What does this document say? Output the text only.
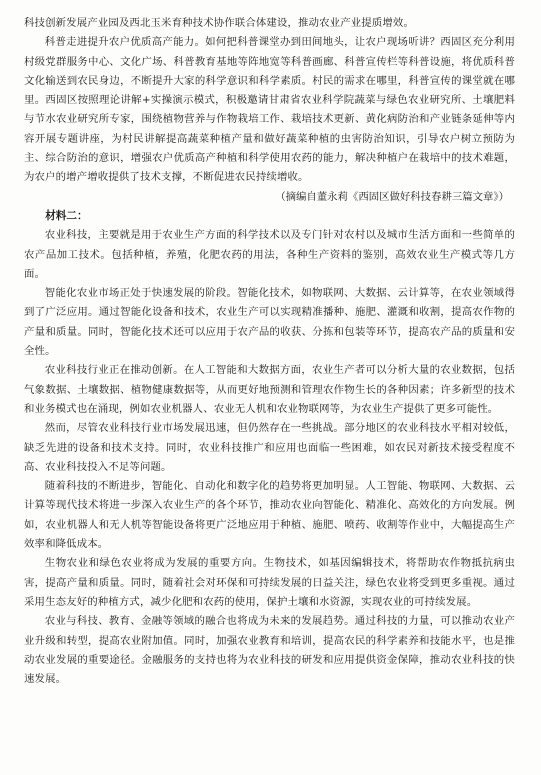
科技创新发展产业园及西北玉米育种技术协作联合体建设，推动农业产业提质增效。

科普走进提升农户优质高产能力。如何把科普课堂办到田间地头，让农户现场听讲？西固区充分利用村级党群服务中心、文化广场、科普教育基地等阵地宽等科普画廊、科普宣传栏等科普设施，将优质科普文化输送到农民身边，不断提升大家的科学意识和科学素质。村民的需求在哪里，科普宣传的课堂就在哪里。西固区按照理论讲解+实操演示模式，积极邀请甘肃省农业科学院蔬菜与绿色农业研究所、土壤肥料与节水农业研究所专家，围绕植物营养与作物栽培工作、栽培技术更新、黄化病防治和产业链条延伸等内容开展专题讲座，为村民讲解提高蔬菜种植产量和做好蔬菜种植的虫害防治知识，引导农户树立预防为主、综合防治的意识，增强农户优质高产种植和科学使用农药的能力，解决种植户在栽培中的技术难题，为农户的增产增收提供了技术支撑，不断促进农民持续增收。

（摘编自董永莉《西固区做好科技春耕三篇文章》）

材料二：

农业科技，主要就是用于农业生产方面的科学技术以及专门针对农村以及城市生活方面和一些简单的农产品加工技术。包括种植，养殖，化肥农药的用法，各种生产资料的鉴别，高效农业生产模式等几方面。

智能化农业市场正处于快速发展的阶段。智能化技术，如物联网、大数据、云计算等，在农业领域得到了广泛应用。通过智能化设备和技术，农业生产可以实现精准播种、施肥、灌溉和收割，提高农作物的产量和质量。同时，智能化技术还可以应用于农产品的收获、分拣和包装等环节，提高农产品的质量和安全性。

农业科技行业正在推动创新。在人工智能和大数据方面，农业生产者可以分析大量的农业数据，包括气象数据、土壤数据、植物健康数据等，从而更好地预测和管理农作物生长的各种因素；许多新型的技术和业务模式也在涌现，例如农业机器人、农业无人机和农业物联网等，为农业生产提供了更多可能性。

然而，尽管农业科技行业市场发展迅速，但仍然存在一些挑战。部分地区的农业科技水平相对较低，缺乏先进的设备和技术支持。同时，农业科技推广和应用也面临一些困难，如农民对新技术接受程度不高、农业科技投入不足等问题。

随着科技的不断进步，智能化、自动化和数字化的趋势将更加明显。人工智能、物联网、大数据、云计算等现代技术将进一步深入农业生产的各个环节，推动农业向智能化、精准化、高效化的方向发展。例如，农业机器人和无人机等智能设备将更广泛地应用于种植、施肥、喷药、收割等作业中，大幅提高生产效率和降低成本。

生物农业和绿色农业将成为发展的重要方向。生物技术，如基因编辑技术，将帮助农作物抵抗病虫害，提高产量和质量。同时，随着社会对环保和可持续发展的日益关注，绿色农业将受到更多重视。通过采用生态友好的种植方式，减少化肥和农药的使用，保护土壤和水资源，实现农业的可持续发展。

农业与科技、教育、金融等领域的融合也将成为未来的发展趋势。通过科技的力量，可以推动农业产业升级和转型，提高农业附加值。同时，加强农业教育和培训，提高农民的科学素养和技能水平，也是推动农业发展的重要途径。金融服务的支持也将为农业科技的研发和应用提供资金保障，推动农业科技的快速发展。
